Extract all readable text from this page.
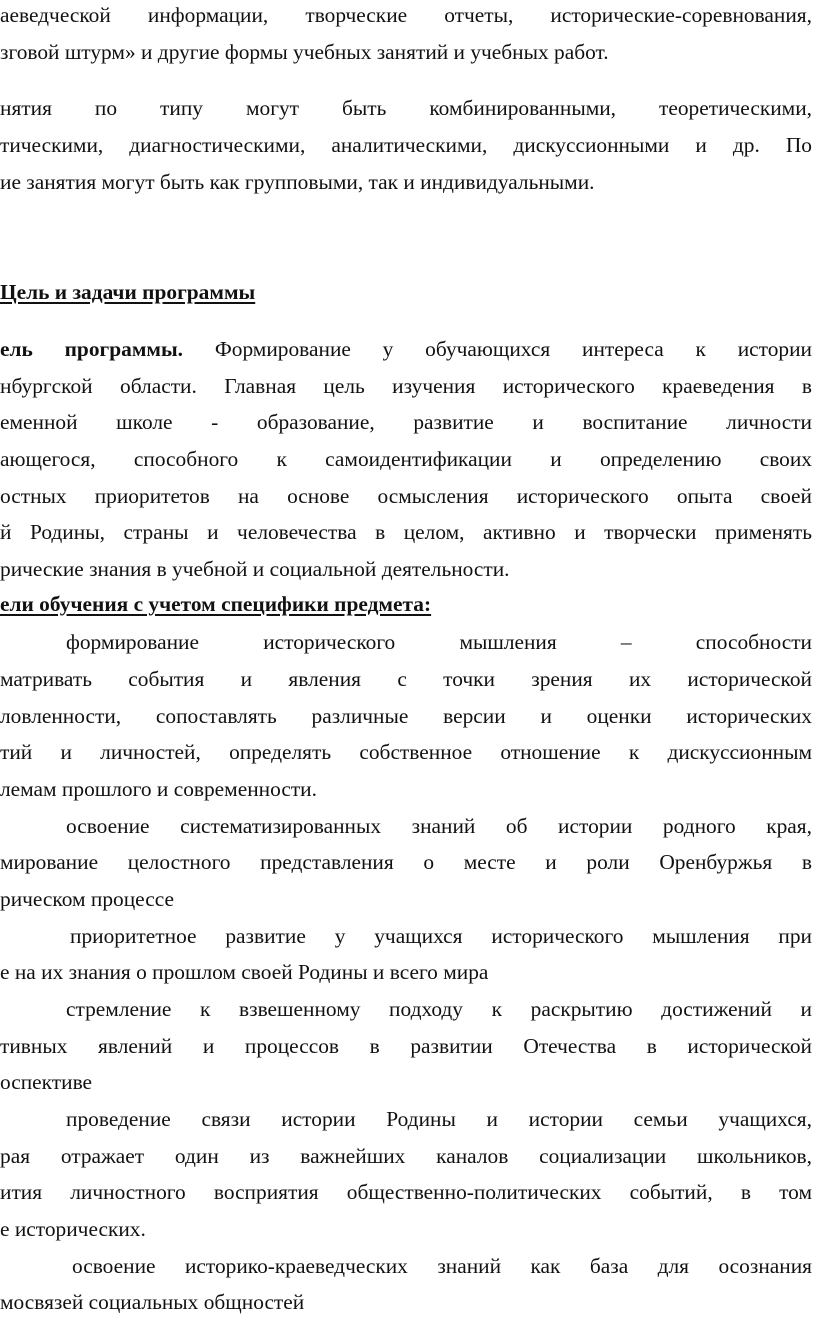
аеведческой информации, творческие отчеты, исторические-соревнования,
зговой штурм» и другие формы учебных занятий и учебных работ.
нятия по типу могут быть комбинированными, теоретическими,
тическими, диагностическими, аналитическими, дискуссионными и др. По
ие занятия могут быть как групповыми, так и индивидуальными.
Цель и задачи программы
ель программы. Формирование у обучающихся интереса к истории
нбургской области. Главная цель изучения исторического краеведения в
еменной школе - образование, развитие и воспитание личности
ающегося, способного к самоидентификации и определению своих
остных приоритетов на основе осмысления исторического опыта своей
й Родины, страны и человечества в целом, активно и творчески применять
рические знания в учебной и социальной деятельности.
ели обучения с учетом специфики предмета:
формирование исторического мышления – способности
матривать события и явления с точки зрения их исторической
ловленности, сопоставлять различные версии и оценки исторических
тий и личностей, определять собственное отношение к дискуссионным
лемам прошлого и современности.
освоение систематизированных знаний об истории родного края,
мирование целостного представления о месте и роли Оренбуржья в
рическом процессе
приоритетное развитие у учащихся исторического мышления при
е на их знания о прошлом своей Родины и всего мира
стремление к взвешенному подходу к раскрытию достижений и
тивных явлений и процессов в развитии Отечества в исторической
оспективе
проведение связи истории Родины и истории семьи учащихся,
рая отражает один из важнейших каналов социализации школьников,
ития личностного восприятия общественно-политических событий, в том
е исторических.
освоение историко-краеведческих знаний как база для осознания
мосвязей социальных общностей
